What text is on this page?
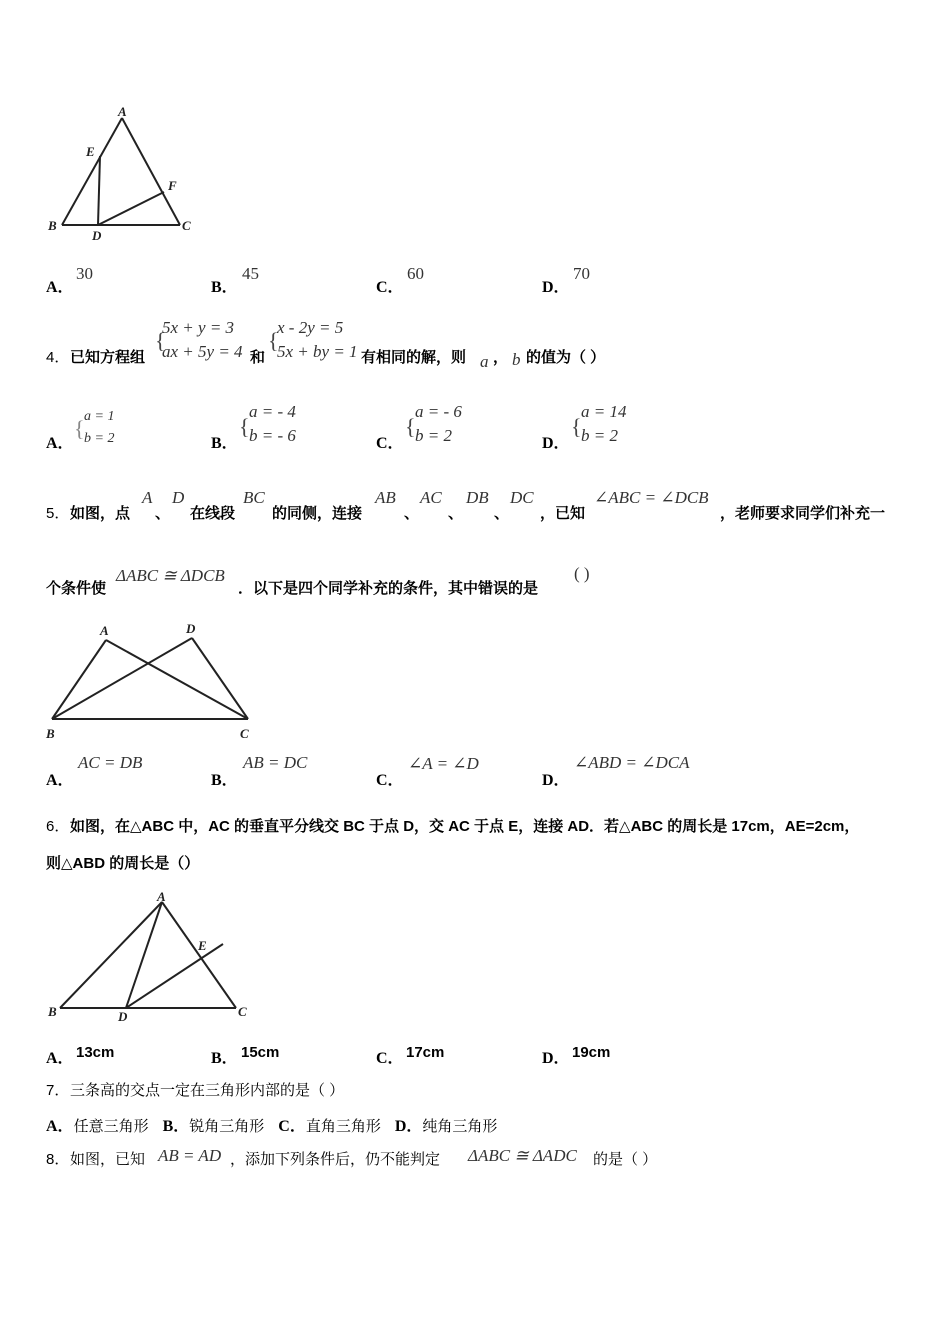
A
E
F
B
D
C
A．
30
B．
45
C．
60
D．
70
4． 已知方程组
{
5x + y = 3
ax + 5y = 4 和
{
x - 2y = 5
5x + by = 1 有相同的解，则 a ， b 的值为（ ）
A．
{ a = 1
b = 2	B．
{
a = - 4
b = - 6	C．
{
a = - 6
b = 2	D．
{
a = 14
b = 2
5． 如图，点
A
、
D
在线段
BC
的同侧，连接
AB
、
AC
、
DB
、
DC
，已知
∠ABC = ∠DCB
，老师要求同学们补充一
个条件使
ΔABC ≅ ΔDCB
．以下是四个同学补充的条件，其中错误的是
( )
A	D
B	C
A．
AC = DB
B．
AB = DC
C．
∠A = ∠D
D．
∠ABD = ∠DCA
6． 如图，在△ABC 中，AC 的垂直平分线交 BC 于点 D，交 AC 于点 E，连接 AD．若△ABC 的周长是 17cm，AE=2cm，
则△ABD 的周长是（）
A
E
B	D	C
A． 13cm	B． 15cm	C． 17cm	D． 19cm
7． 三条高的交点一定在三角形内部的是（ ）
A．任意三角形 B．锐角三角形 C．直角三角形 D．纯角三角形
8． 如图，已知 AB = AD ，添加下列条件后，仍不能判定 ΔABC ≅ ΔADC 的是（ ）
